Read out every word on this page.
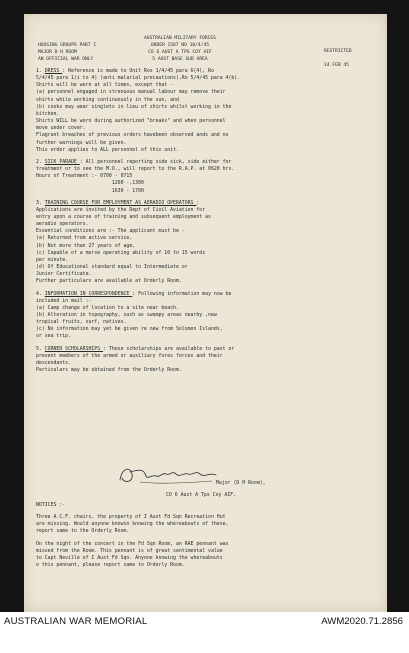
HOUSING GROUPS PART I
MAJOR D H ROOM
AN OFFICIAL WAR ONLY
AUSTRALIAN MILITARY FORCES
ORDER 1587 NO 10/4/45
CO 6 AUST A TPS COY AIF
5 AUST BASE SUB AREA
RESTRICTED

14 FEB 45
1. DRESS : Reference is made to Unit Ros 1/4/45 para 6(4), Ro
5/4/45 para 1(i to 4) (anti malarial precautions),Ro 5/4/45 para 4(b).
Shirts will be worn at all times, except that -
(a) personnel engaged in strenuous manual labour may remove their
shirts while working continuously in the sun, and
(b) cooks may wear singlets in lieu of shirts whilst working in the
kitchen.
Shirts WILL be worn during authorized "breaks" and when personnel
move under cover.
Flagrant breaches of previous orders havebeen observed ands and no
further warnings will be given.
This order applies to ALL personnel of this unit.
2. SICK PARADE : All personnel reporting side sick, side either for
treatment or to see the M.O., will report to the R.A.P. at 0620 hrs.
Hours of Treatment :- 0700 - 0715
1200 -,1300
1630 - 1700
3. TRAINING COURSE FOR EMPLOYMENT AS AERADIO OPERATORS :
Applications are invited by the Dept of Civil Aviation for
entry upon a course of training and subsequent employment as
aeradio operators.
Essential conditions are :- The applicant must be -
(a) Returned from active service,
(b) Not more than 27 years of age,
(c) Capable of a morse operating ability of 10 to 15 words
per minute.
(d) Of Educational standard equal to Intermediate or
Junior Certificate.
Further particulars are available at Orderly Room.
4. INFORMATION IN CORRESPONDENCE : Following information may now be
included in mail :-
(a) Camp change of location to a site near beach.
(b) Alteration in topography, such as swampy areas nearby ,new
tropical fruits, surf, natives.
(c) No information may yet be given re new from Solomon Islands,
or sea trip.
5. CORNER SCHOLARSHIPS : These scholarships are available to past or
present members of the armed or auxiliary fores forces and their
descendants.
Particulars may be obtained from the Orderly Room.
Major (D H Room),
CO 6 Aust A Tps Coy AIF.
NOTICES :-
Three A.C.F. chairs, the property of I Aust Fd Sqn Recreation Hut
are missing. Would anyone knowin knowing the whereabouts of these,
report same to the Orderly Room.
On the night of the concert in the Fd Sqn Room, an RAE pennant was
missed from the Room. This pennant is of great sentimental value
to Capt Neville of I Aust Fd Sqn. Anyone knowing the whereabouts
o this pennant, please report same to Orderly Room.
AUSTRALIAN WAR MEMORIAL	AWM2020.71.2856
